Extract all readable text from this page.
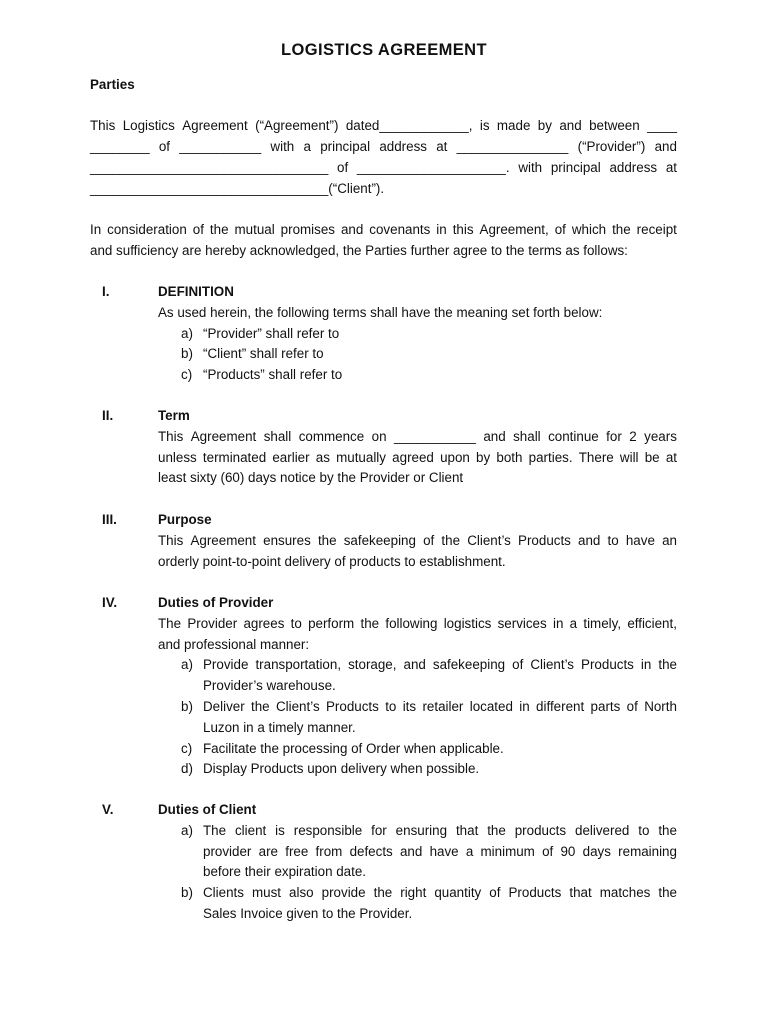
LOGISTICS AGREEMENT
Parties
This Logistics Agreement (“Agreement”) dated____________, is made by and between ____
________ of ___________ with a principal address at _______________ (“Provider”) and
________________________________ of ____________________. with principal address at
________________________________(“Client”).
In consideration of the mutual promises and covenants in this Agreement, of which the receipt
and sufficiency are hereby acknowledged, the Parties further agree to the terms as follows:
I.	DEFINITION
As used herein, the following terms shall have the meaning set forth below:
a) “Provider” shall refer to
b) “Client” shall refer to
c) “Products” shall refer to
II.	Term
This Agreement shall commence on ___________ and shall continue for 2 years
unless terminated earlier as mutually agreed upon by both parties. There will be at
least sixty (60) days notice by the Provider or Client
III.	Purpose
This Agreement ensures the safekeeping of the Client’s Products and to have an
orderly point-to-point delivery of products to establishment.
IV.	Duties of Provider
The Provider agrees to perform the following logistics services in a timely, efficient,
and professional manner:
a) Provide transportation, storage, and safekeeping of Client’s Products in the
Provider’s warehouse.
b) Deliver the Client’s Products to its retailer located in different parts of North
Luzon in a timely manner.
c) Facilitate the processing of Order when applicable.
d) Display Products upon delivery when possible.
V.	Duties of Client
a) The client is responsible for ensuring that the products delivered to the
provider are free from defects and have a minimum of 90 days remaining
before their expiration date.
b) Clients must also provide the right quantity of Products that matches the
Sales Invoice given to the Provider.
